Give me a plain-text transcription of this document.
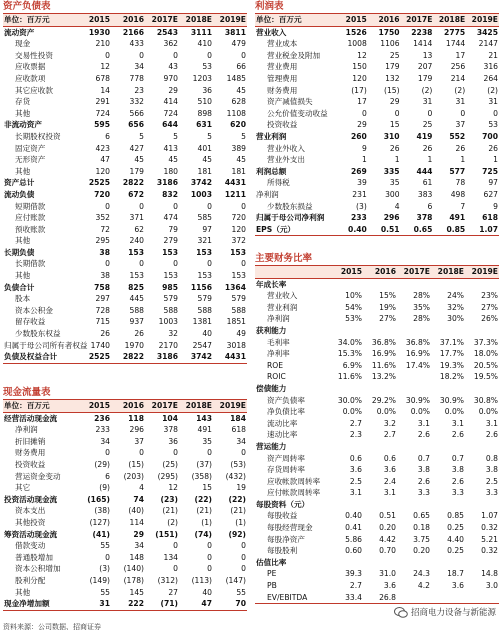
资产负债表
单位：百万元	2015	2016	2017E	2018E	2019E
流动资产	1930	2166	2543	3111	3811
现金	210	433	362	410	479
交易性投资	0	0	0	0	0
应收票据	12	34	43	53	66
应收款项	678	778	970	1203	1485
其它应收款	14	23	29	36	45
存货	291	332	414	510	628
其他	724	566	724	898	1108
非流动资产	595	656	644	631	620
长期股权投资	6	5	5	5	5
固定资产	423	427	413	401	389
无形资产	47	45	45	45	45
其他	120	179	180	181	181
资产总计	2525	2822	3186	3742	4431
流动负债	720	672	832	1003	1211
短期借款	0	0	0	0	0
应付账款	352	371	474	585	720
预收账款	72	62	79	97	120
其他	295	240	279	321	372
长期负债	38	153	153	153	153
长期借款	0	0	0	0	0
其他	38	153	153	153	153
负债合计	758	825	985	1156	1364
股本	297	445	579	579	579
资本公积金	728	588	588	588	588
留存收益	715	937	1003	1381	1851
少数股东权益	26	26	32	40	49
归属于母公司所有者权益	1740	1970	2170	2547	3018
负债及权益合计	2525	2822	3186	3742	4431
利润表
单位：百万元	2015	2016	2017E	2018E	2019E
营业收入	1526	1750	2238	2775	3425
营业成本	1008	1106	1414	1744	2147
营业税金及附加	12	25	13	17	21
营业费用	150	179	207	256	316
管理费用	120	132	179	214	264
财务费用	(17)	(15)	(2)	(2)	(2)
资产减值损失	17	29	31	31	31
公允价值变动收益	0	0	0	0	0
投资收益	29	15	25	37	53
营业利润	260	310	419	552	700
营业外收入	9	26	26	26	26
营业外支出	1	1	1	1	1
利润总额	269	335	444	577	725
所得税	39	35	61	78	97
净利润	231	300	383	498	627
少数股东损益	(3)	4	6	7	9
归属于母公司净利润	233	296	378	491	618
EPS（元）	0.40	0.51	0.65	0.85	1.07
主要财务比率
	2015	2016	2017E	2018E	2019E
年成长率					
营业收入	10%	15%	28%	24%	23%
营业利润	54%	19%	35%	32%	27%
净利润	53%	27%	28%	30%	26%
获利能力					
毛利率	34.0%	36.8%	36.8%	37.1%	37.3%
净利率	15.3%	16.9%	16.9%	17.7%	18.0%
ROE	6.9%	11.6%	17.4%	19.3%	20.5%
ROIC	11.6%	13.2%		18.2%	19.5%
偿债能力					
资产负债率	30.0%	29.2%	30.9%	30.9%	30.8%
净负债比率	0.0%	0.0%	0.0%	0.0%	0.0%
流动比率	2.7	3.2	3.1	3.1	3.1
速动比率	2.3	2.7	2.6	2.6	2.6
营运能力					
资产周转率	0.6	0.6	0.7	0.7	0.8
存货周转率	3.6	3.6	3.8	3.8	3.8
应收帐款周转率	2.5	2.4	2.6	2.6	2.5
应付帐款周转率	3.1	3.1	3.3	3.3	3.3
每股资料（元）					
每股收益	0.40	0.51	0.65	0.85	1.07
每股经营现金	0.41	0.20	0.18	0.25	0.32
每股净资产	5.86	4.42	3.75	4.40	5.21
每股股利	0.60	0.70	0.20	0.25	0.32
估值比率					
PE	39.3	31.0	24.3	18.7	14.8
PB	2.7	3.6	4.2	3.6	3.0
EV/EBITDA	33.4	26.8			
现金流量表
单位：百万元	2015	2016	2017E	2018E	2019E
经营活动现金流	236	118	104	143	184
净利润	233	296	378	491	618
折旧摊销	34	37	36	35	34
财务费用	0	0	0	0	0
投资收益	(29)	(15)	(25)	(37)	(53)
营运资金变动	6	(203)	(295)	(358)	(432)
其它	(9)	4	12	15	19
投资活动现金流	(165)	74	(23)	(22)	(22)
资本支出	(38)	(40)	(21)	(21)	(21)
其他投资	(127)	114	(2)	(1)	(1)
筹资活动现金流	(41)	29	(151)	(74)	(92)
借款变动	55	34	0	0	0
普通股增加	0	148	134	0	0
资本公积增加	(3)	(140)	0	0	0
股利分配	(149)	(178)	(312)	(113)	(147)
其他	55	145	27	40	55
现金净增加额	31	222	(71)	47	70
资料来源：公司数据、招商证券
招商电力设备与新能源
